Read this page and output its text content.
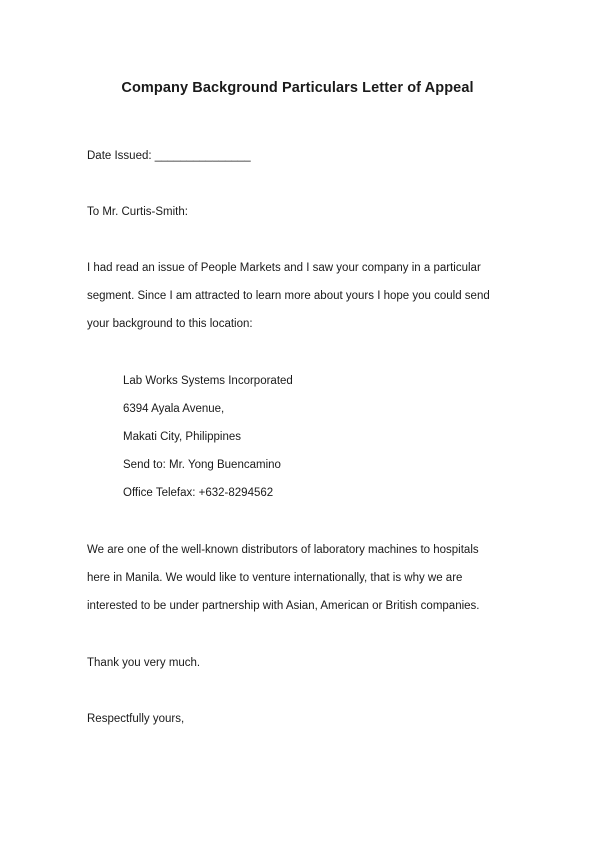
Company Background Particulars Letter of Appeal
Date Issued: _______________
To Mr. Curtis-Smith:
I had read an issue of People Markets and I saw your company in a particular
segment. Since I am attracted to learn more about yours I hope you could send
your background to this location:
Lab Works Systems Incorporated
6394 Ayala Avenue,
Makati City, Philippines
Send to: Mr. Yong Buencamino
Office Telefax: +632-8294562
We are one of the well-known distributors of laboratory machines to hospitals
here in Manila. We would like to venture internationally, that is why we are
interested to be under partnership with Asian, American or British companies.
Thank you very much.
Respectfully yours,
